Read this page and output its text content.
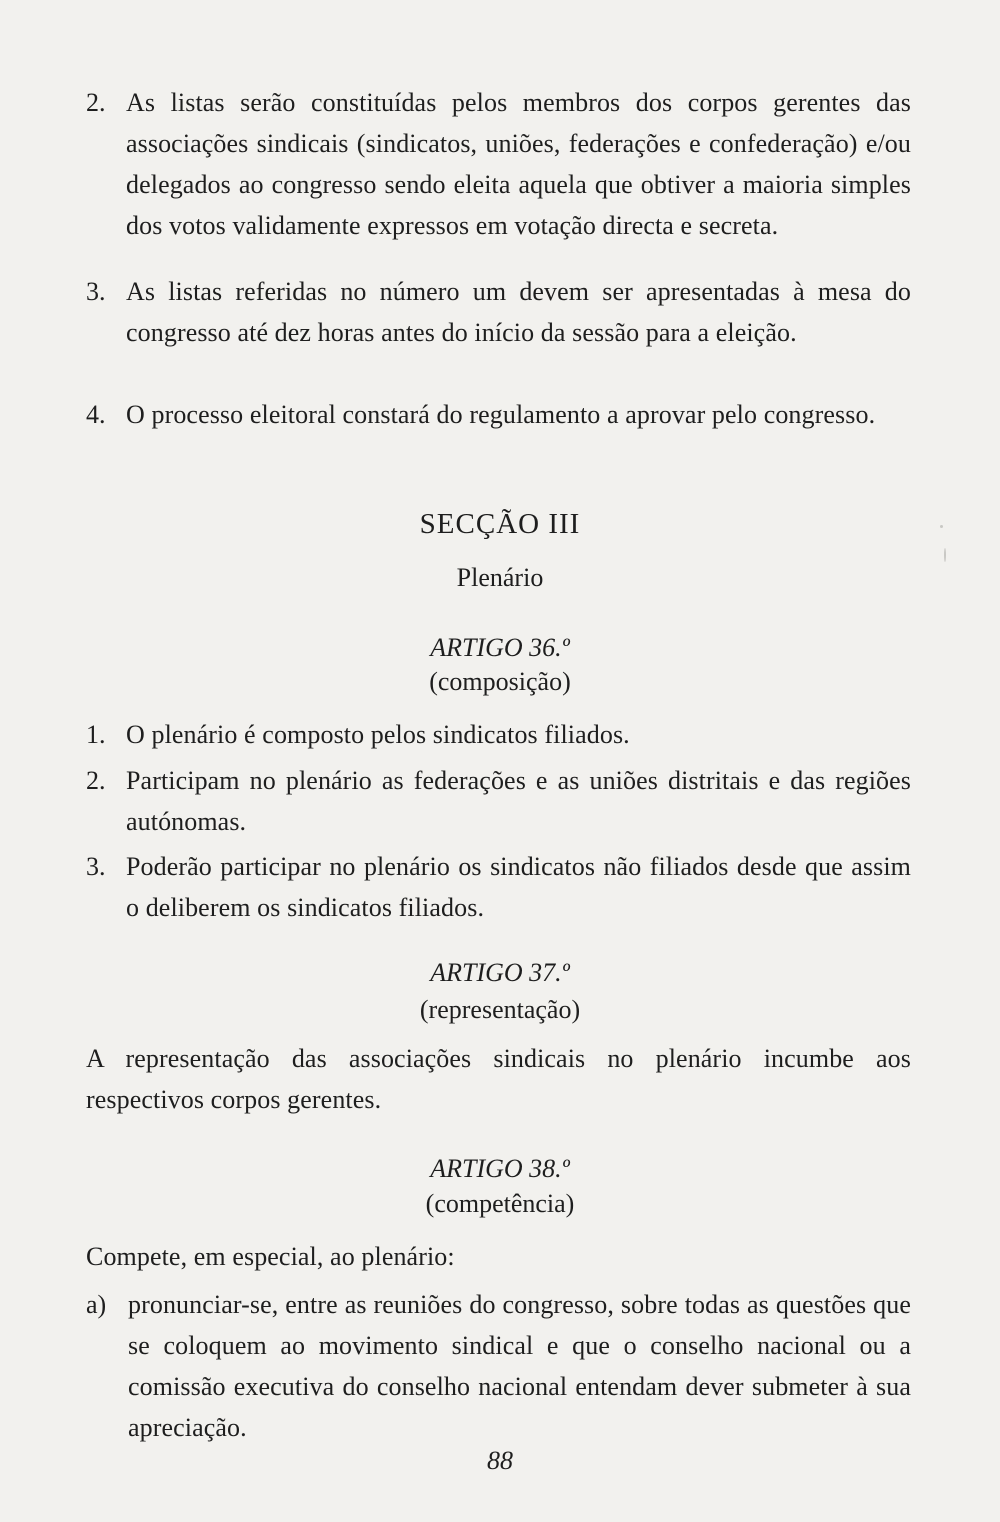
2. As listas serão constituídas pelos membros dos corpos gerentes das associações sindicais (sindicatos, uniões, federações e confederação) e/ou delegados ao congresso sendo eleita aquela que obtiver a maioria simples dos votos validamente expressos em votação directa e secreta.
3. As listas referidas no número um devem ser apresentadas à mesa do congresso até dez horas antes do início da sessão para a eleição.
4. O processo eleitoral constará do regulamento a aprovar pelo congresso.
SECÇÃO III
Plenário
ARTIGO 36.º
(composição)
1. O plenário é composto pelos sindicatos filiados.
2. Participam no plenário as federações e as uniões distritais e das regiões autónomas.
3. Poderão participar no plenário os sindicatos não filiados desde que assim o deliberem os sindicatos filiados.
ARTIGO 37.º
(representação)
A representação das associações sindicais no plenário incumbe aos respectivos corpos gerentes.
ARTIGO 38.º
(competência)
Compete, em especial, ao plenário:
a) pronunciar-se, entre as reuniões do congresso, sobre todas as questões que se coloquem ao movimento sindical e que o conselho nacional ou a comissão executiva do conselho nacional entendam dever submeter à sua apreciação.
88
